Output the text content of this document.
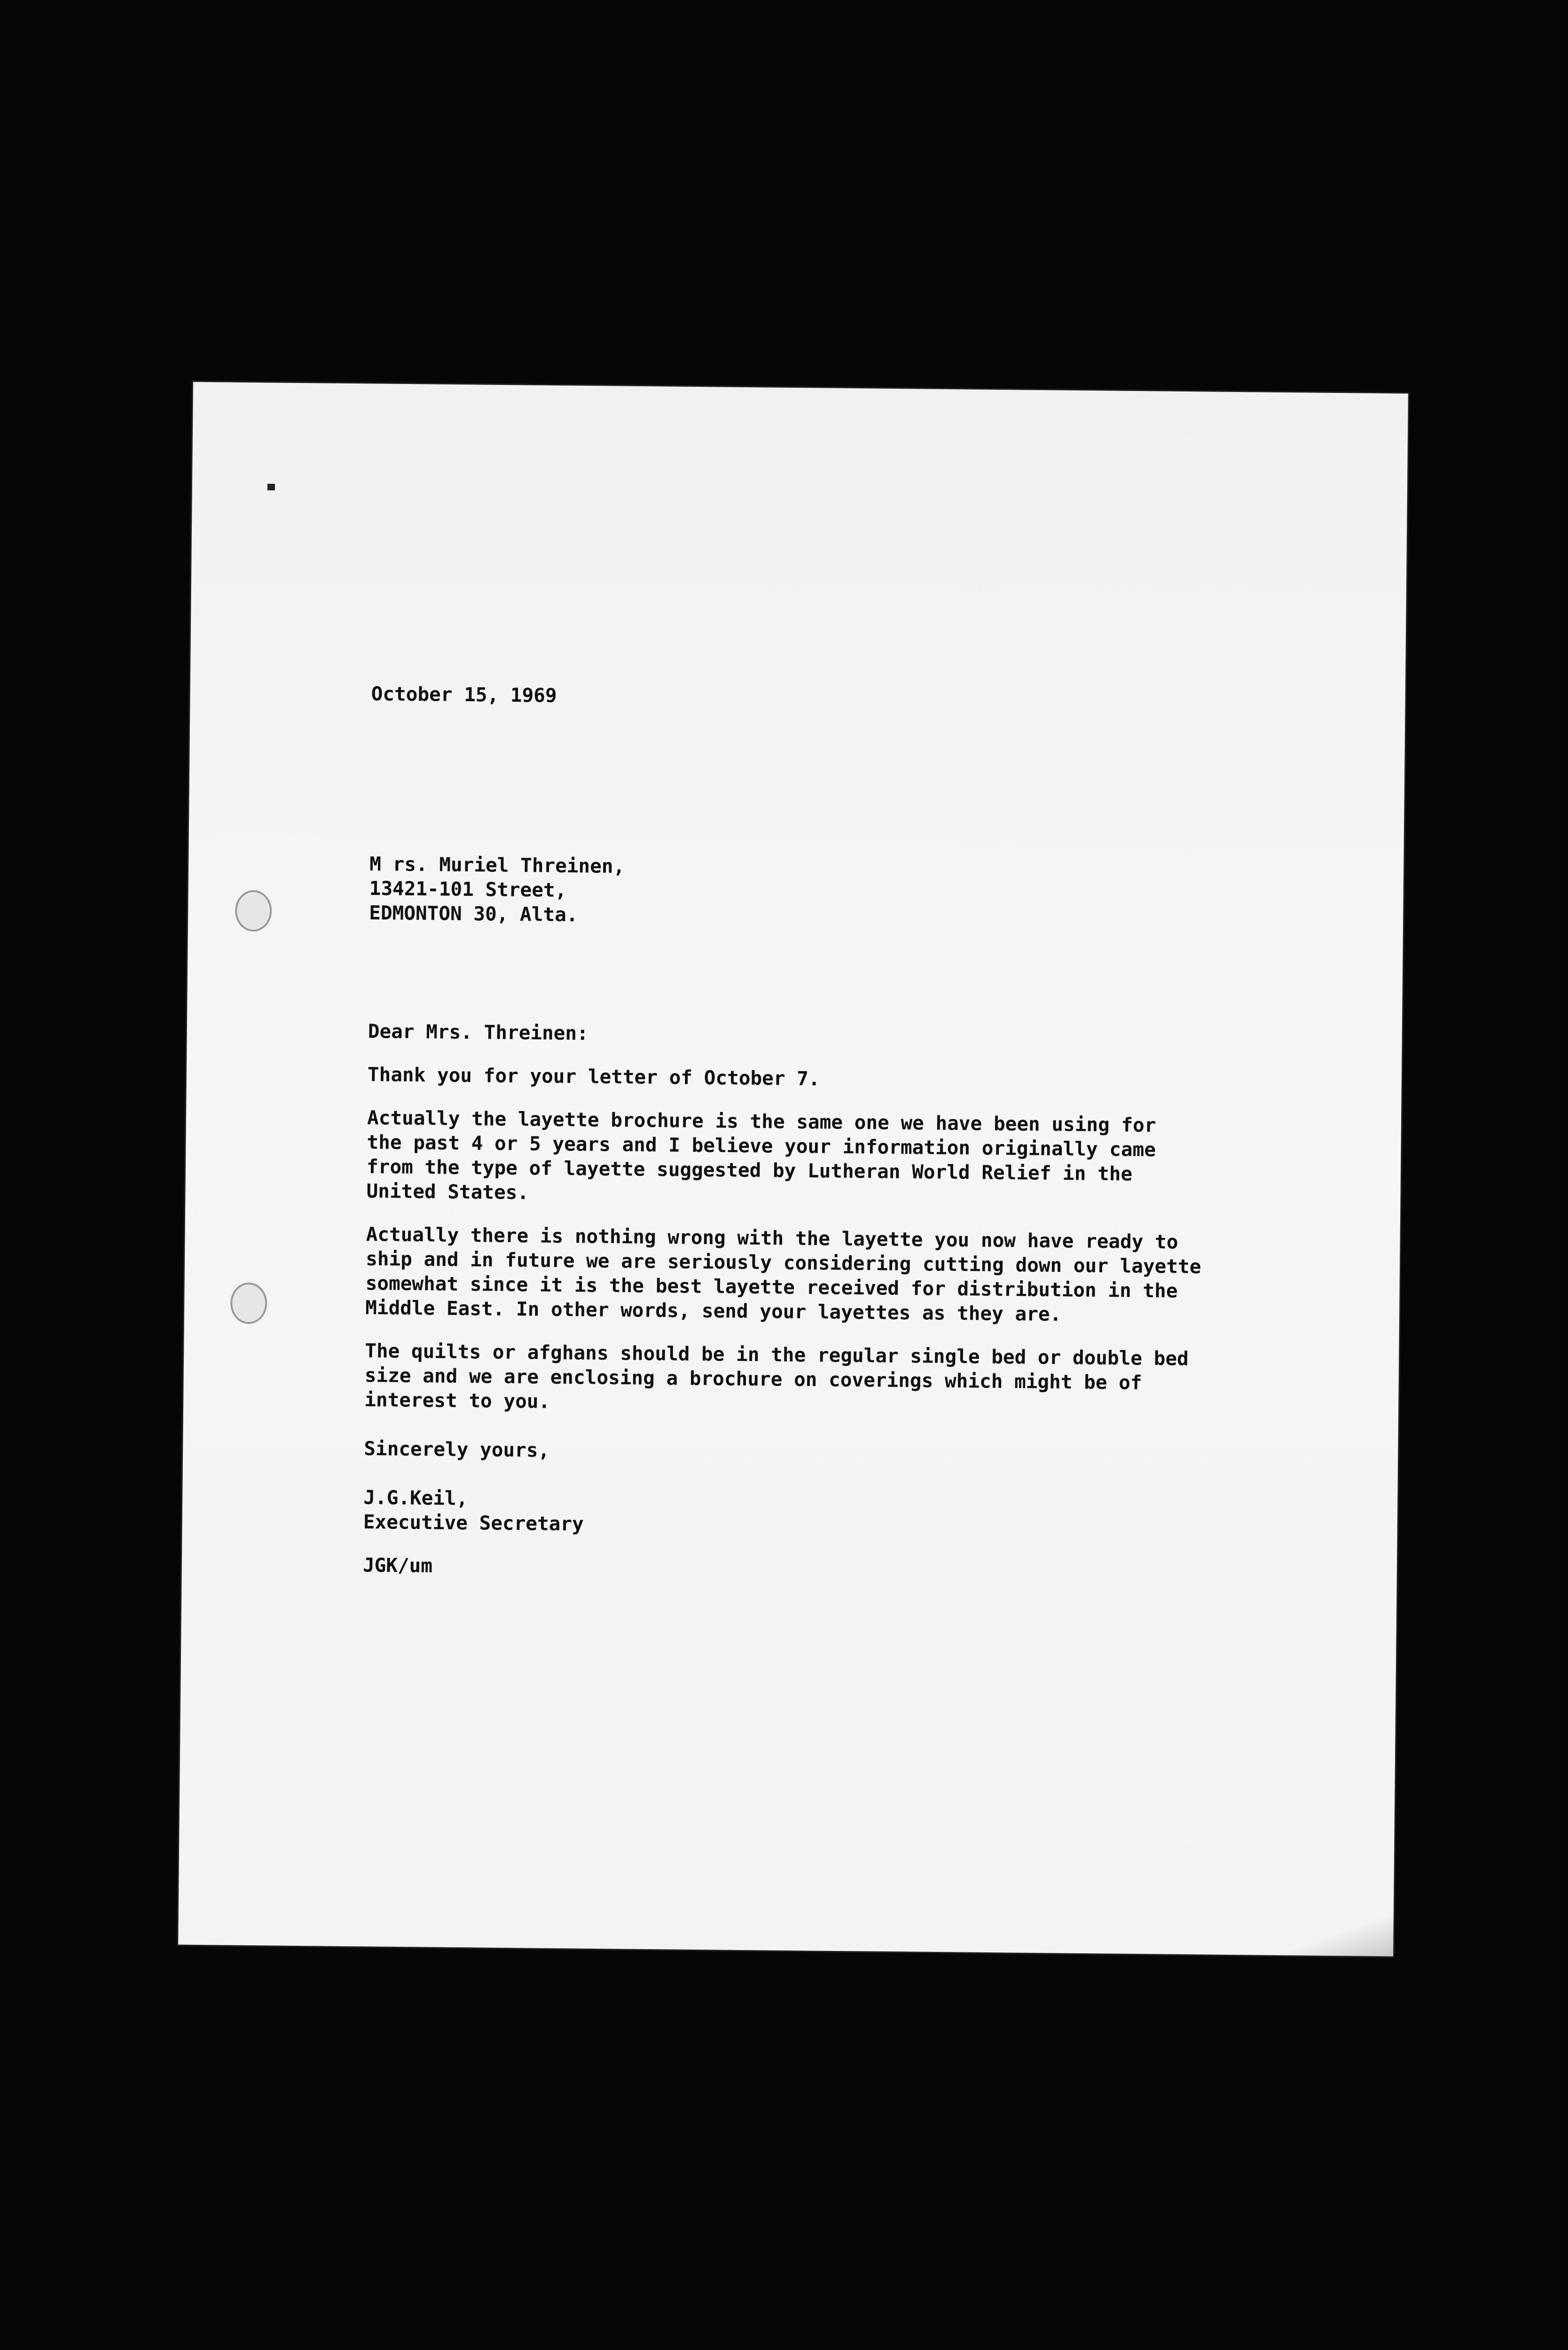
October 15, 1969
M rs. Muriel Threinen,
13421-101 Street,
EDMONTON 30, Alta.
Dear Mrs. Threinen:
Thank you for your letter of October 7.
Actually the layette brochure is the same one we have been using for
the past 4 or 5 years and I believe your information originally came
from the type of layette suggested by Lutheran World Relief in the
United States.
Actually there is nothing wrong with the layette you now have ready to
ship and in future we are seriously considering cutting down our layette
somewhat since it is the best layette received for distribution in the
Middle East. In other words, send your layettes as they are.
The quilts or afghans should be in the regular single bed or double bed
size and we are enclosing a brochure on coverings which might be of
interest to you.
Sincerely yours,
J.G.Keil,
Executive Secretary
JGK/um
